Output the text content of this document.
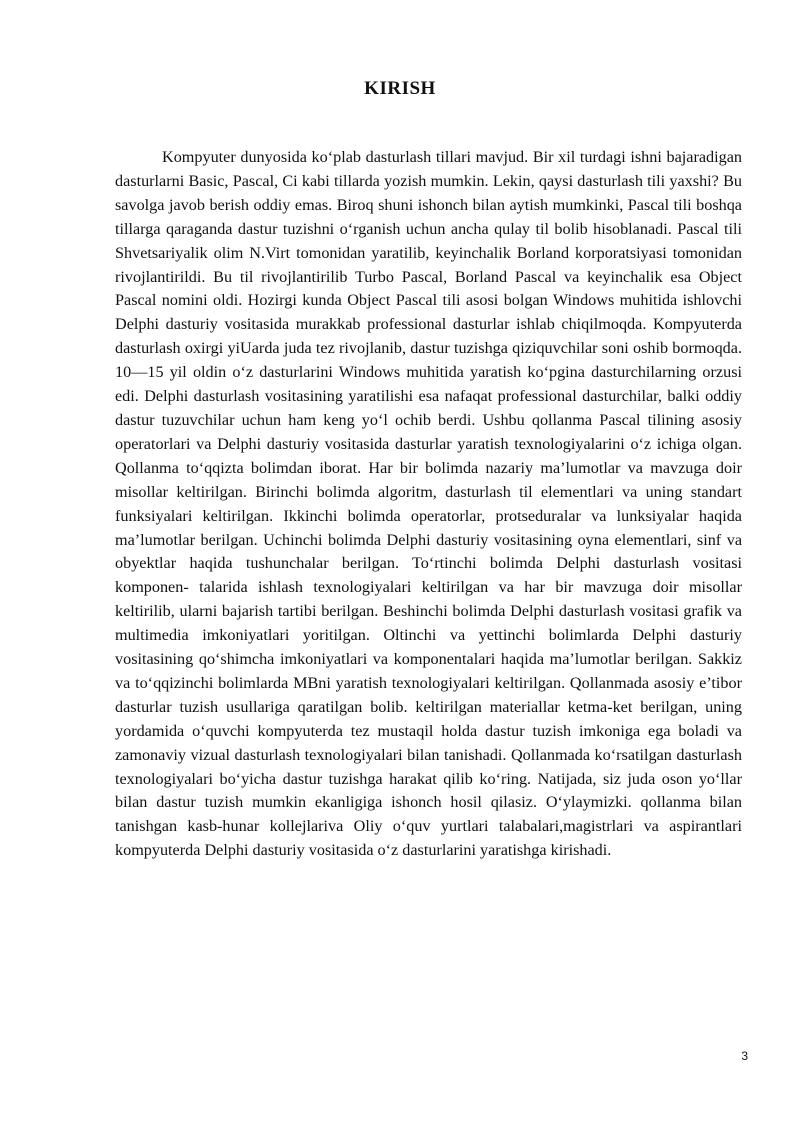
KIRISH

Kompyuter dunyosida ko‘plab dasturlash tillari mavjud. Bir xil turdagi ishni bajaradigan dasturlarni Basic, Pascal, Ci kabi tillarda yozish mumkin. Lekin, qaysi dasturlash tili yaxshi? Bu savolga javob berish oddiy emas. Biroq shuni ishonch bilan aytish mumkinki, Pascal tili boshqa tillarga qaraganda dastur tuzishni o‘rganish uchun ancha qulay til bolib hisoblanadi. Pascal tili Shvetsariyalik olim N.Virt tomonidan yaratilib, keyinchalik Borland korporatsiyasi tomonidan rivojlantirildi. Bu til rivojlantirilib Turbo Pascal, Borland Pascal va keyinchalik esa Object Pascal nomini oldi. Hozirgi kunda Object Pascal tili asosi bolgan Windows muhitida ishlovchi Delphi dasturiy vositasida murakkab professional dasturlar ishlab chiqilmoqda. Kompyuterda dasturlash oxirgi yiUarda juda tez rivojlanib, dastur tuzishga qiziquvchilar soni oshib bormoqda. 10—15 yil oldin o‘z dasturlarini Windows muhitida yaratish ko‘pgina dasturchilarning orzusi edi. Delphi dasturlash vositasining yaratilishi esa nafaqat professional dasturchilar, balki oddiy dastur tuzuvchilar uchun ham keng yo‘l ochib berdi. Ushbu qollanma Pascal tilining asosiy operatorlari va Delphi dasturiy vositasida dasturlar yaratish texnologiyalarini o‘z ichiga olgan. Qollanma to‘qqizta bolimdan iborat. Har bir bolimda nazariy ma’lumotlar va mavzuga doir misollar keltirilgan. Birinchi bolimda algoritm, dasturlash til elementlari va uning standart funksiyalari keltirilgan. Ikkinchi bolimda operatorlar, protseduralar va lunksiyalar haqida ma’lumotlar berilgan. Uchinchi bolimda Delphi dasturiy vositasining oyna elementlari, sinf va obyektlar haqida tushunchalar berilgan. To‘rtinchi bolimda Delphi dasturlash vositasi komponen- talarida ishlash texnologiyalari keltirilgan va har bir mavzuga doir misollar keltirilib, ularni bajarish tartibi berilgan. Beshinchi bolimda Delphi dasturlash vositasi grafik va multimedia imkoniyatlari yoritilgan. Oltinchi va yettinchi bolimlarda Delphi dasturiy vositasining qo‘shimcha imkoniyatlari va komponentalari haqida ma’lumotlar berilgan. Sakkiz va to‘qqizinchi bolimlarda MBni yaratish texnologiyalari keltirilgan. Qollanmada asosiy e’tibor dasturlar tuzish usullariga qaratilgan bolib. keltirilgan materiallar ketma-ket berilgan, uning yordamida o‘quvchi kompyuterda tez mustaqil holda dastur tuzish imkoniga ega boladi va zamonaviy vizual dasturlash texnologiyalari bilan tanishadi. Qollanmada ko‘rsatilgan dasturlash texnologiyalari bo‘yicha dastur tuzishga harakat qilib ko‘ring. Natijada, siz juda oson yo‘llar bilan dastur tuzish mumkin ekanligiga ishonch hosil qilasiz. O‘ylaymizki. qollanma bilan tanishgan kasb-hunar kollejlariva Oliy o‘quv yurtlari talabalari,magistrlari va aspirantlari kompyuterda Delphi dasturiy vositasida o‘z dasturlarini yaratishga kirishadi.

3
